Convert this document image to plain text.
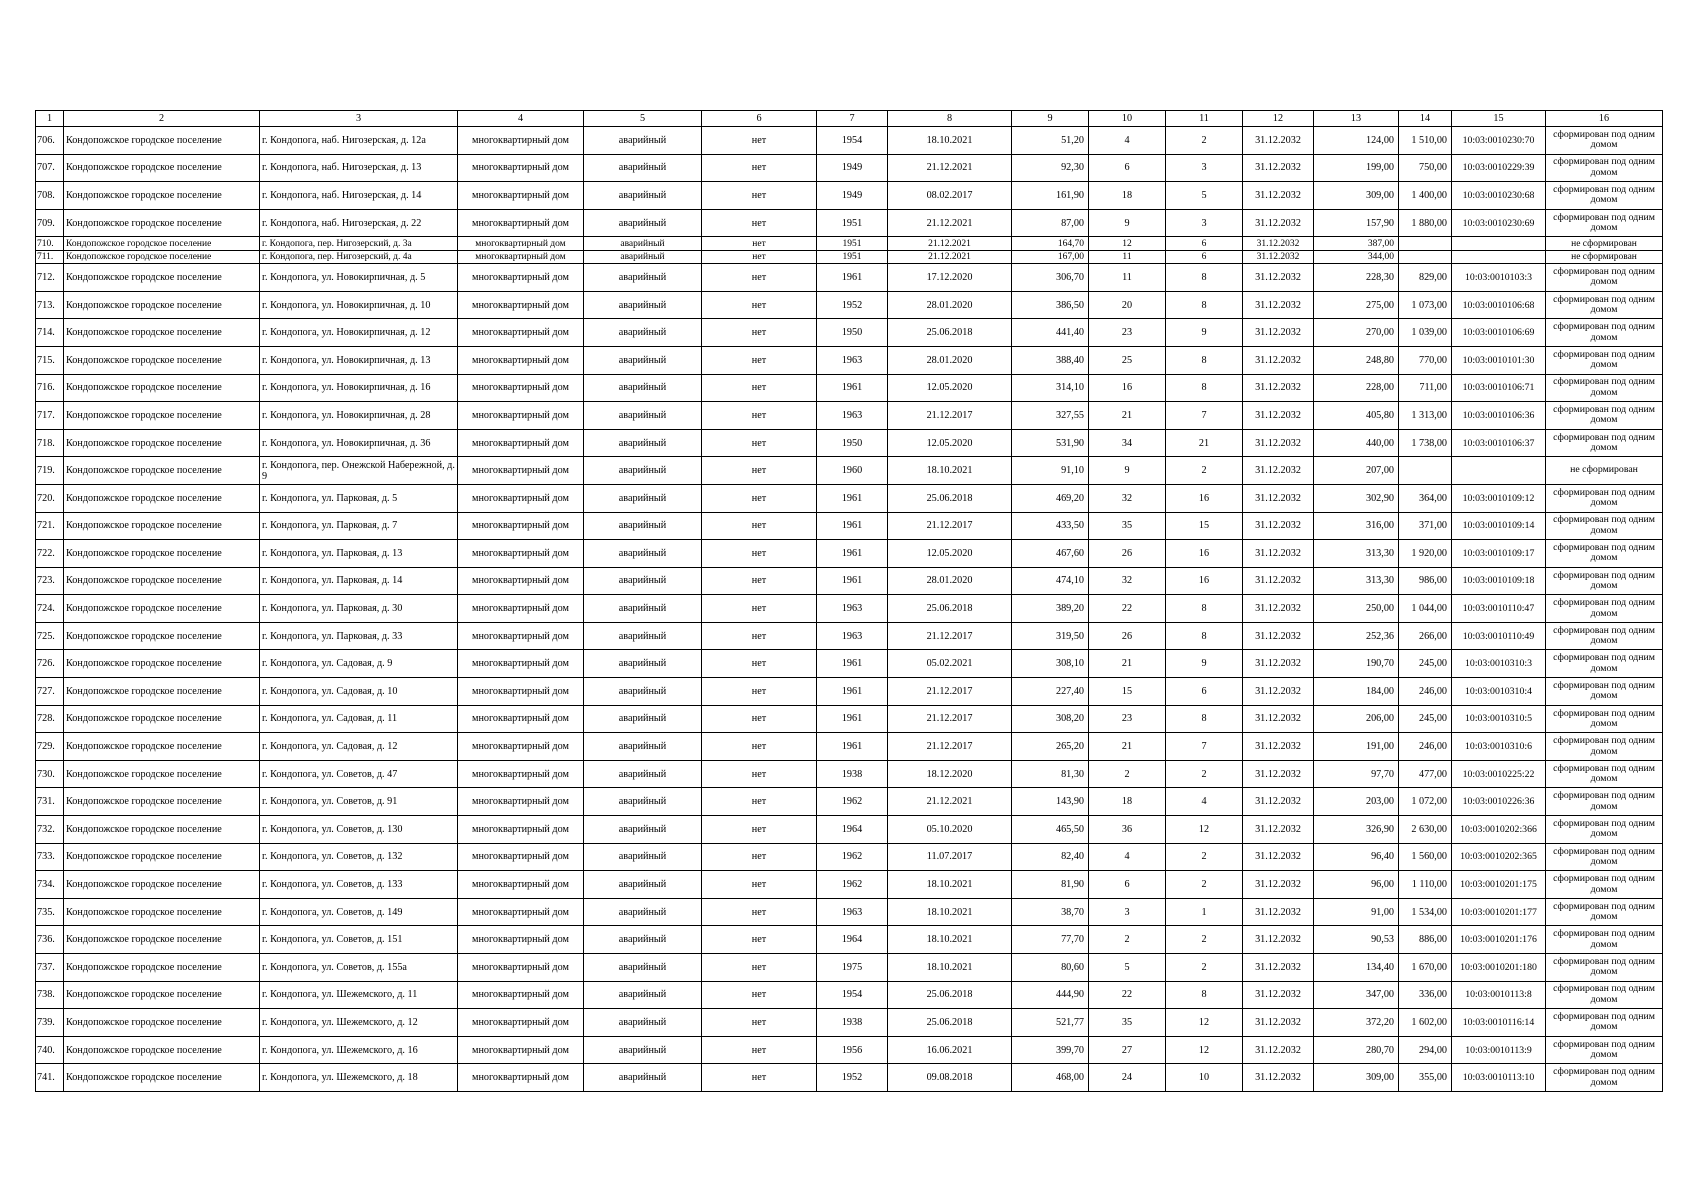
1	2	3	4	5	6	7	8	9	10	11	12	13	14	15	16
706.	Кондопожское городское поселение	г. Кондопога, наб. Нигозерская, д. 12а	многоквартирный дом	аварийный	нет	1954	18.10.2021	51,20	4	2	31.12.2032	124,00	1 510,00	10:03:0010230:70	сформирован под одним домом
707.	Кондопожское городское поселение	г. Кондопога, наб. Нигозерская, д. 13	многоквартирный дом	аварийный	нет	1949	21.12.2021	92,30	6	3	31.12.2032	199,00	750,00	10:03:0010229:39	сформирован под одним домом
708.	Кондопожское городское поселение	г. Кондопога, наб. Нигозерская, д. 14	многоквартирный дом	аварийный	нет	1949	08.02.2017	161,90	18	5	31.12.2032	309,00	1 400,00	10:03:0010230:68	сформирован под одним домом
709.	Кондопожское городское поселение	г. Кондопога, наб. Нигозерская, д. 22	многоквартирный дом	аварийный	нет	1951	21.12.2021	87,00	9	3	31.12.2032	157,90	1 880,00	10:03:0010230:69	сформирован под одним домом
710.	Кондопожское городское поселение	г. Кондопога, пер. Нигозерский, д. 3а	многоквартирный дом	аварийный	нет	1951	21.12.2021	164,70	12	6	31.12.2032	387,00			не сформирован
711.	Кондопожское городское поселение	г. Кондопога, пер. Нигозерский, д. 4а	многоквартирный дом	аварийный	нет	1951	21.12.2021	167,00	11	6	31.12.2032	344,00			не сформирован
712.	Кондопожское городское поселение	г. Кондопога, ул. Новокирпичная, д. 5	многоквартирный дом	аварийный	нет	1961	17.12.2020	306,70	11	8	31.12.2032	228,30	829,00	10:03:0010103:3	сформирован под одним домом
713.	Кондопожское городское поселение	г. Кондопога, ул. Новокирпичная, д. 10	многоквартирный дом	аварийный	нет	1952	28.01.2020	386,50	20	8	31.12.2032	275,00	1 073,00	10:03:0010106:68	сформирован под одним домом
714.	Кондопожское городское поселение	г. Кондопога, ул. Новокирпичная, д. 12	многоквартирный дом	аварийный	нет	1950	25.06.2018	441,40	23	9	31.12.2032	270,00	1 039,00	10:03:0010106:69	сформирован под одним домом
715.	Кондопожское городское поселение	г. Кондопога, ул. Новокирпичная, д. 13	многоквартирный дом	аварийный	нет	1963	28.01.2020	388,40	25	8	31.12.2032	248,80	770,00	10:03:0010101:30	сформирован под одним домом
716.	Кондопожское городское поселение	г. Кондопога, ул. Новокирпичная, д. 16	многоквартирный дом	аварийный	нет	1961	12.05.2020	314,10	16	8	31.12.2032	228,00	711,00	10:03:0010106:71	сформирован под одним домом
717.	Кондопожское городское поселение	г. Кондопога, ул. Новокирпичная, д. 28	многоквартирный дом	аварийный	нет	1963	21.12.2017	327,55	21	7	31.12.2032	405,80	1 313,00	10:03:0010106:36	сформирован под одним домом
718.	Кондопожское городское поселение	г. Кондопога, ул. Новокирпичная, д. 36	многоквартирный дом	аварийный	нет	1950	12.05.2020	531,90	34	21	31.12.2032	440,00	1 738,00	10:03:0010106:37	сформирован под одним домом
719.	Кондопожское городское поселение	г. Кондопога, пер. Онежской Набережной, д. 9	многоквартирный дом	аварийный	нет	1960	18.10.2021	91,10	9	2	31.12.2032	207,00			не сформирован
720.	Кондопожское городское поселение	г. Кондопога, ул. Парковая, д. 5	многоквартирный дом	аварийный	нет	1961	25.06.2018	469,20	32	16	31.12.2032	302,90	364,00	10:03:0010109:12	сформирован под одним домом
721.	Кондопожское городское поселение	г. Кондопога, ул. Парковая, д. 7	многоквартирный дом	аварийный	нет	1961	21.12.2017	433,50	35	15	31.12.2032	316,00	371,00	10:03:0010109:14	сформирован под одним домом
722.	Кондопожское городское поселение	г. Кондопога, ул. Парковая, д. 13	многоквартирный дом	аварийный	нет	1961	12.05.2020	467,60	26	16	31.12.2032	313,30	1 920,00	10:03:0010109:17	сформирован под одним домом
723.	Кондопожское городское поселение	г. Кондопога, ул. Парковая, д. 14	многоквартирный дом	аварийный	нет	1961	28.01.2020	474,10	32	16	31.12.2032	313,30	986,00	10:03:0010109:18	сформирован под одним домом
724.	Кондопожское городское поселение	г. Кондопога, ул. Парковая, д. 30	многоквартирный дом	аварийный	нет	1963	25.06.2018	389,20	22	8	31.12.2032	250,00	1 044,00	10:03:0010110:47	сформирован под одним домом
725.	Кондопожское городское поселение	г. Кондопога, ул. Парковая, д. 33	многоквартирный дом	аварийный	нет	1963	21.12.2017	319,50	26	8	31.12.2032	252,36	266,00	10:03:0010110:49	сформирован под одним домом
726.	Кондопожское городское поселение	г. Кондопога, ул. Садовая, д. 9	многоквартирный дом	аварийный	нет	1961	05.02.2021	308,10	21	9	31.12.2032	190,70	245,00	10:03:0010310:3	сформирован под одним домом
727.	Кондопожское городское поселение	г. Кондопога, ул. Садовая, д. 10	многоквартирный дом	аварийный	нет	1961	21.12.2017	227,40	15	6	31.12.2032	184,00	246,00	10:03:0010310:4	сформирован под одним домом
728.	Кондопожское городское поселение	г. Кондопога, ул. Садовая, д. 11	многоквартирный дом	аварийный	нет	1961	21.12.2017	308,20	23	8	31.12.2032	206,00	245,00	10:03:0010310:5	сформирован под одним домом
729.	Кондопожское городское поселение	г. Кондопога, ул. Садовая, д. 12	многоквартирный дом	аварийный	нет	1961	21.12.2017	265,20	21	7	31.12.2032	191,00	246,00	10:03:0010310:6	сформирован под одним домом
730.	Кондопожское городское поселение	г. Кондопога, ул. Советов, д. 47	многоквартирный дом	аварийный	нет	1938	18.12.2020	81,30	2	2	31.12.2032	97,70	477,00	10:03:0010225:22	сформирован под одним домом
731.	Кондопожское городское поселение	г. Кондопога, ул. Советов, д. 91	многоквартирный дом	аварийный	нет	1962	21.12.2021	143,90	18	4	31.12.2032	203,00	1 072,00	10:03:0010226:36	сформирован под одним домом
732.	Кондопожское городское поселение	г. Кондопога, ул. Советов, д. 130	многоквартирный дом	аварийный	нет	1964	05.10.2020	465,50	36	12	31.12.2032	326,90	2 630,00	10:03:0010202:366	сформирован под одним домом
733.	Кондопожское городское поселение	г. Кондопога, ул. Советов, д. 132	многоквартирный дом	аварийный	нет	1962	11.07.2017	82,40	4	2	31.12.2032	96,40	1 560,00	10:03:0010202:365	сформирован под одним домом
734.	Кондопожское городское поселение	г. Кондопога, ул. Советов, д. 133	многоквартирный дом	аварийный	нет	1962	18.10.2021	81,90	6	2	31.12.2032	96,00	1 110,00	10:03:0010201:175	сформирован под одним домом
735.	Кондопожское городское поселение	г. Кондопога, ул. Советов, д. 149	многоквартирный дом	аварийный	нет	1963	18.10.2021	38,70	3	1	31.12.2032	91,00	1 534,00	10:03:0010201:177	сформирован под одним домом
736.	Кондопожское городское поселение	г. Кондопога, ул. Советов, д. 151	многоквартирный дом	аварийный	нет	1964	18.10.2021	77,70	2	2	31.12.2032	90,53	886,00	10:03:0010201:176	сформирован под одним домом
737.	Кондопожское городское поселение	г. Кондопога, ул. Советов, д. 155а	многоквартирный дом	аварийный	нет	1975	18.10.2021	80,60	5	2	31.12.2032	134,40	1 670,00	10:03:0010201:180	сформирован под одним домом
738.	Кондопожское городское поселение	г. Кондопога, ул. Шежемского, д. 11	многоквартирный дом	аварийный	нет	1954	25.06.2018	444,90	22	8	31.12.2032	347,00	336,00	10:03:0010113:8	сформирован под одним домом
739.	Кондопожское городское поселение	г. Кондопога, ул. Шежемского, д. 12	многоквартирный дом	аварийный	нет	1938	25.06.2018	521,77	35	12	31.12.2032	372,20	1 602,00	10:03:0010116:14	сформирован под одним домом
740.	Кондопожское городское поселение	г. Кондопога, ул. Шежемского, д. 16	многоквартирный дом	аварийный	нет	1956	16.06.2021	399,70	27	12	31.12.2032	280,70	294,00	10:03:0010113:9	сформирован под одним домом
741.	Кондопожское городское поселение	г. Кондопога, ул. Шежемского, д. 18	многоквартирный дом	аварийный	нет	1952	09.08.2018	468,00	24	10	31.12.2032	309,00	355,00	10:03:0010113:10	сформирован под одним домом
